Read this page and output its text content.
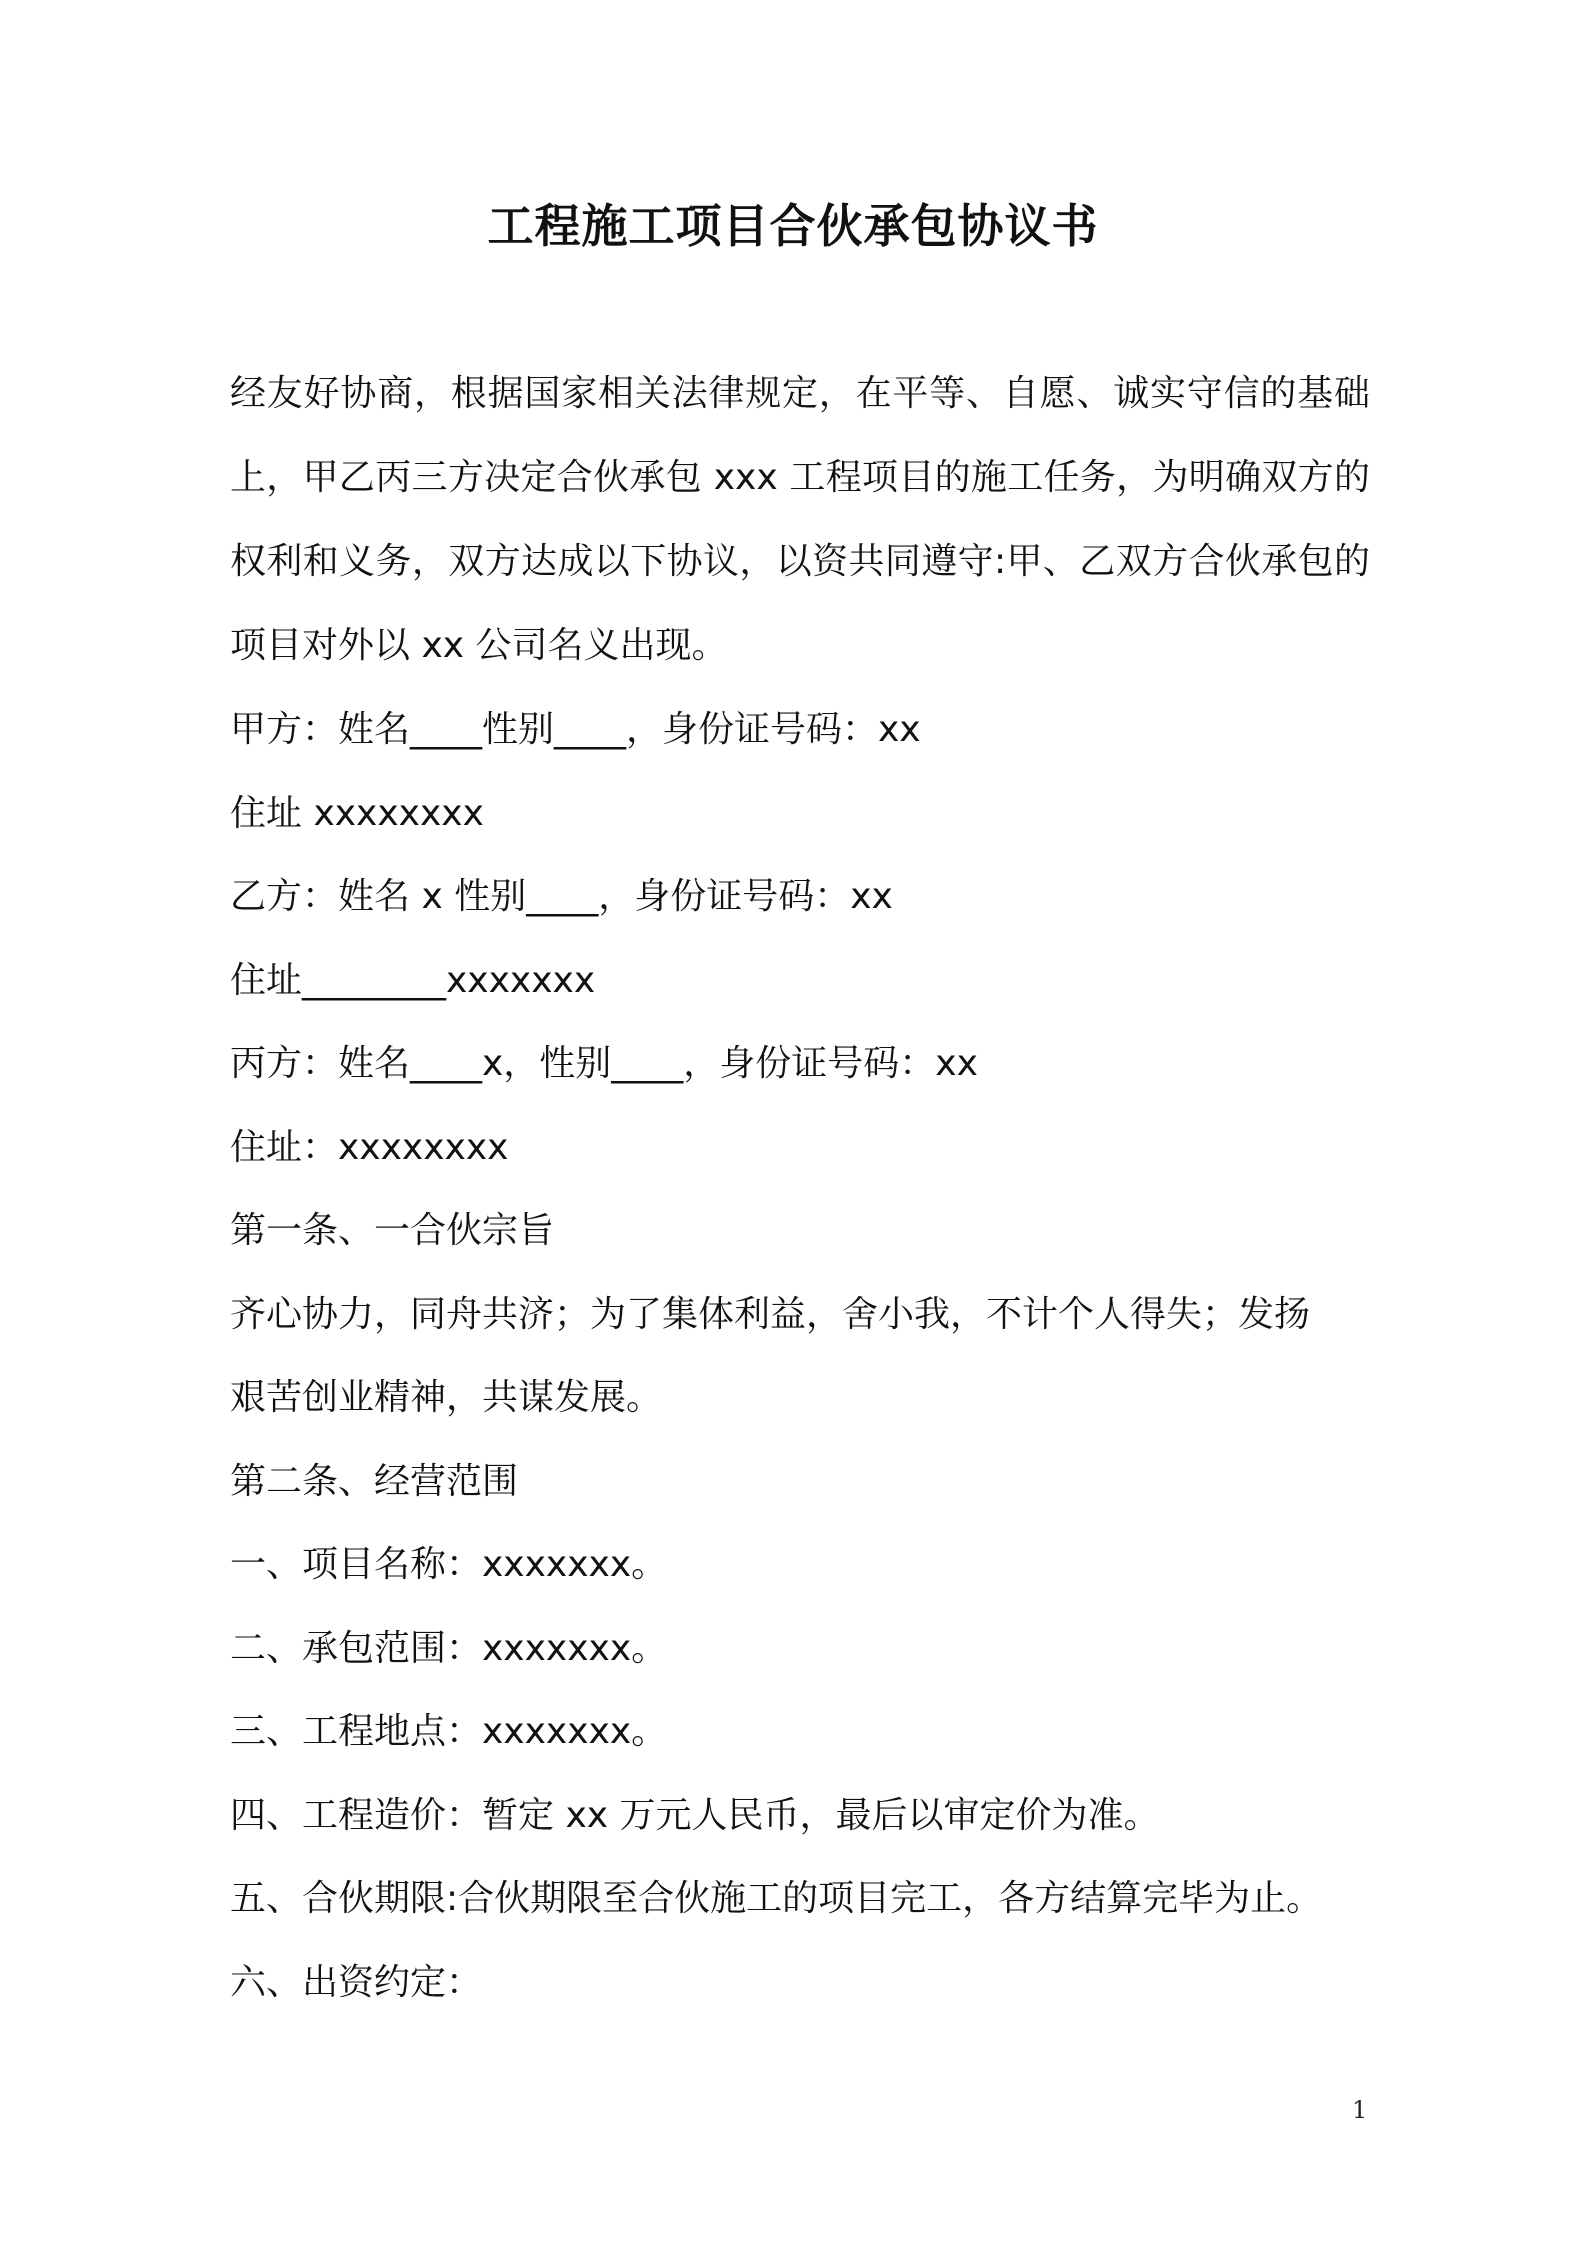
工程施工项目合伙承包协议书

经友好协商，根据国家相关法律规定，在平等、自愿、诚实守信的基础上，甲乙丙三方决定合伙承包 xxx 工程项目的施工任务，为明确双方的权利和义务，双方达成以下协议，以资共同遵守:甲、乙双方合伙承包的项目对外以 xx 公司名义出现。

甲方：姓名____性别____，身份证号码：xx

住址 xxxxxxxx

乙方：姓名 x 性别____，身份证号码：xx

住址________xxxxxxx

丙方：姓名____x，性别____，身份证号码：xx

住址：xxxxxxxx

第一条、一合伙宗旨

齐心协力，同舟共济；为了集体利益，舍小我，不计个人得失；发扬

艰苦创业精神，共谋发展。

第二条、经营范围

一、项目名称：xxxxxxx。

二、承包范围：xxxxxxx。

三、工程地点：xxxxxxx。

四、工程造价：暂定 xx 万元人民币，最后以审定价为准。

五、合伙期限:合伙期限至合伙施工的项目完工，各方结算完毕为止。

六、出资约定：

1
